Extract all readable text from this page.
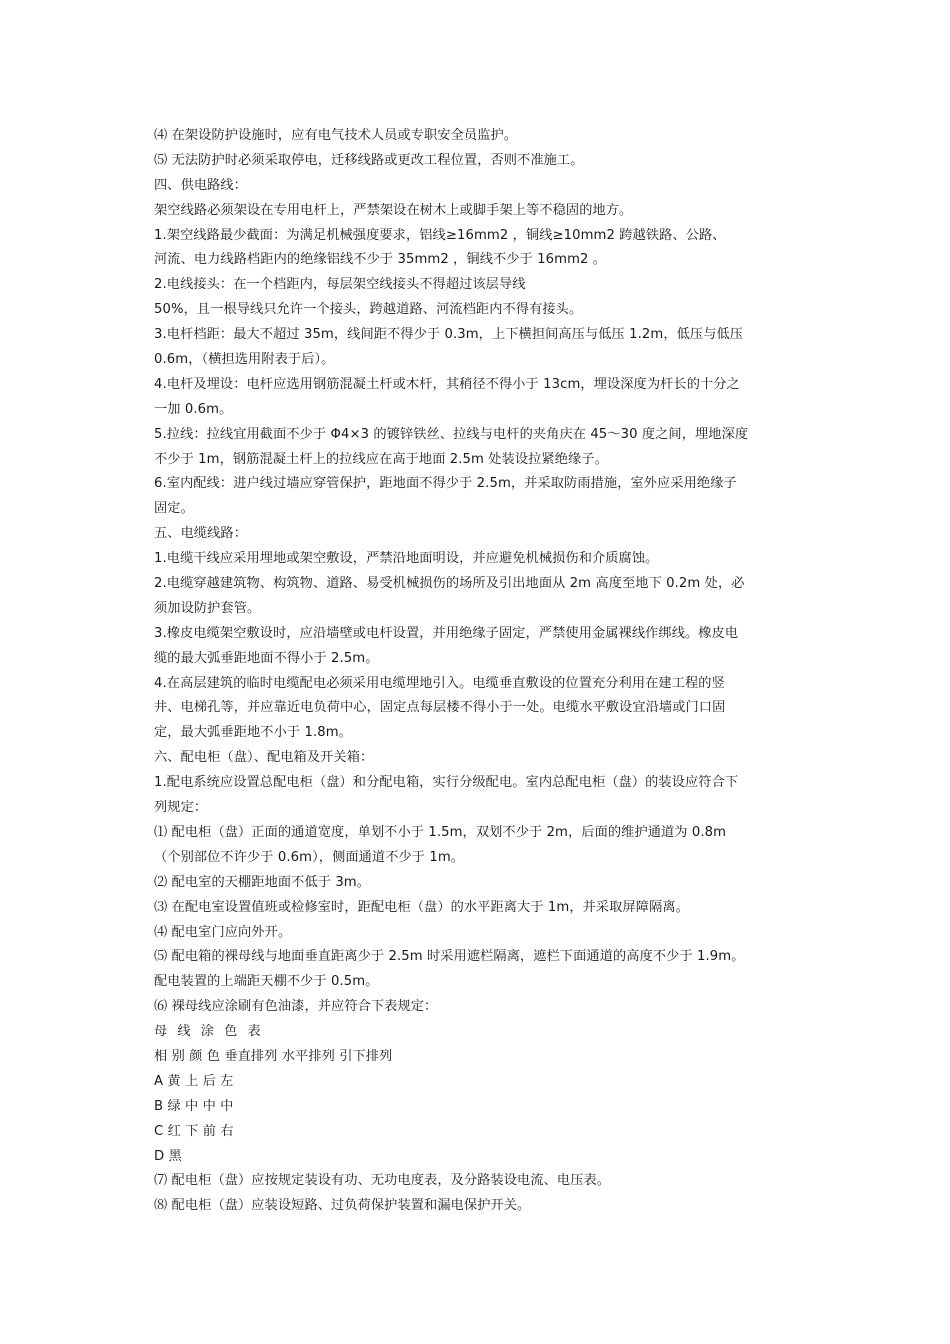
⑷ 在架设防护设施时，应有电气技术人员或专职安全员监护。
⑸ 无法防护时必须采取停电，迁移线路或更改工程位置，否则不准施工。
四、供电路线：
架空线路必须架设在专用电杆上，严禁架设在树木上或脚手架上等不稳固的地方。
1.架空线路最少截面：为满足机械强度要求，铝线≥16mm2 ，铜线≥10mm2 跨越铁路、公路、
河流、电力线路档距内的绝缘铝线不少于 35mm2 ，铜线不少于 16mm2 。
2.电线接头：在一个档距内，每层架空线接头不得超过该层导线
50%，且一根导线只允许一个接头，跨越道路、河流档距内不得有接头。
3.电杆档距：最大不超过 35m，线间距不得少于 0.3m，上下横担间高压与低压 1.2m，低压与低压
0.6m，（横担选用附表于后）。
4.电杆及埋设：电杆应选用钢筋混凝土杆或木杆，其稍径不得小于 13cm，埋设深度为杆长的十分之
一加 0.6m。
5.拉线：拉线宜用截面不少于 Φ4×3 的镀锌铁丝、拉线与电杆的夹角庆在 45～30 度之间，埋地深度
不少于 1m，钢筋混凝土杆上的拉线应在高于地面 2.5m 处装设拉紧绝缘子。
6.室内配线：进户线过墙应穿管保护，距地面不得少于 2.5m，并采取防雨措施，室外应采用绝缘子
固定。
五、电缆线路：
1.电缆干线应采用埋地或架空敷设，严禁沿地面明设，并应避免机械损伤和介质腐蚀。
2.电缆穿越建筑物、构筑物、道路、易受机械损伤的场所及引出地面从 2m 高度至地下 0.2m 处，必
须加设防护套管。
3.橡皮电缆架空敷设时，应沿墙壁或电杆设置，并用绝缘子固定，严禁使用金属裸线作绑线。橡皮电
缆的最大弧垂距地面不得小于 2.5m。
4.在高层建筑的临时电缆配电必须采用电缆埋地引入。电缆垂直敷设的位置充分利用在建工程的竖
井、电梯孔等，并应靠近电负荷中心，固定点每层楼不得小于一处。电缆水平敷设宜沿墙或门口固
定，最大弧垂距地不小于 1.8m。
六、配电柜（盘）、配电箱及开关箱：
1.配电系统应设置总配电柜（盘）和分配电箱，实行分级配电。室内总配电柜（盘）的装设应符合下
列规定：
⑴ 配电柜（盘）正面的通道宽度，单划不小于 1.5m，双划不少于 2m，后面的维护通道为 0.8m
（个别部位不许少于 0.6m），侧面通道不少于 1m。
⑵ 配电室的天棚距地面不低于 3m。
⑶ 在配电室设置值班或检修室时，距配电柜（盘）的水平距离大于 1m，并采取屏障隔离。
⑷ 配电室门应向外开。
⑸ 配电箱的裸母线与地面垂直距离少于 2.5m 时采用遮栏隔离，遮栏下面通道的高度不少于 1.9m。
配电装置的上端距天棚不少于 0.5m。
⑹ 裸母线应涂刷有色油漆，并应符合下表规定：
母 线 涂 色 表
相 别 颜 色 垂直排列 水平排列 引下排列
A 黄 上 后 左
B 绿 中 中 中
C 红 下 前 右
D 黑
⑺ 配电柜（盘）应按规定装设有功、无功电度表，及分路装设电流、电压表。
⑻ 配电柜（盘）应装设短路、过负荷保护装置和漏电保护开关。
